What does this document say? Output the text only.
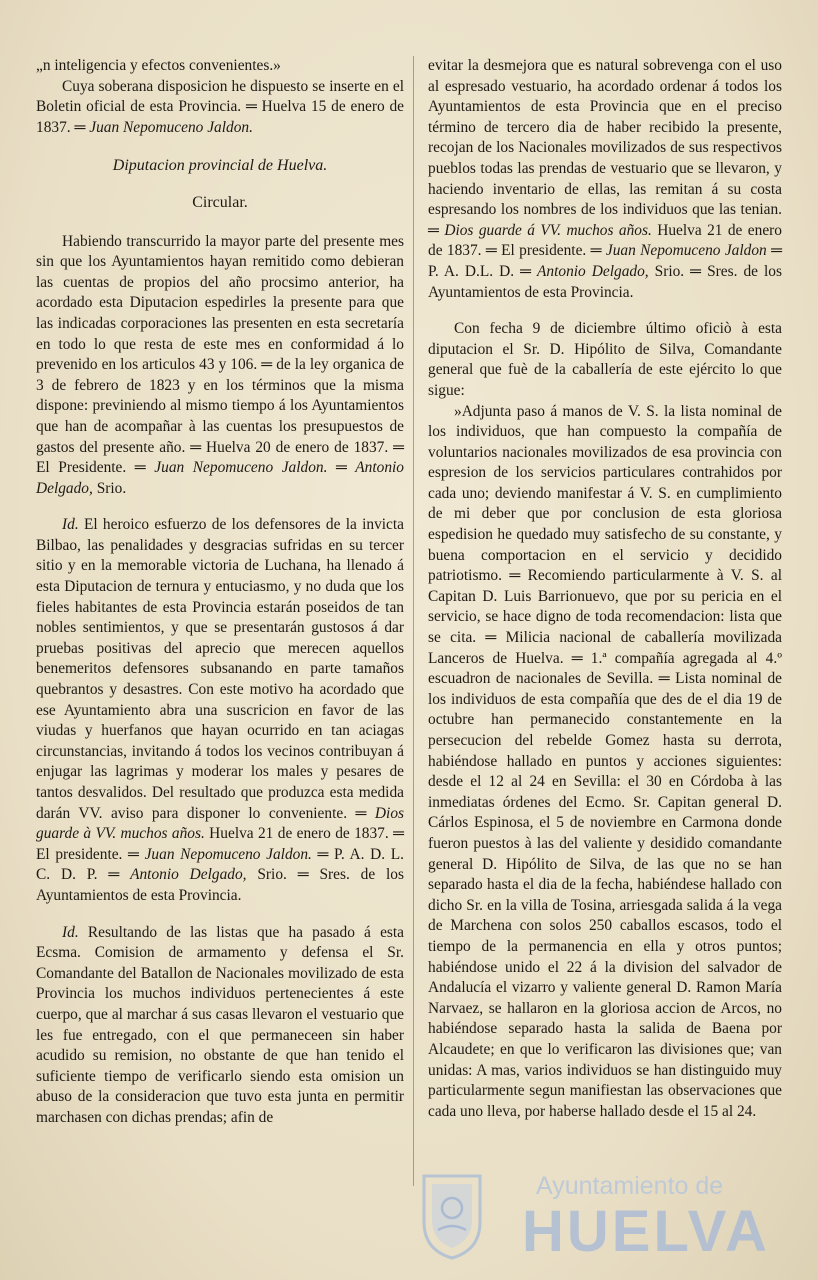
„n inteligencia y efectos convenientes.»

Cuya soberana disposicion he dispuesto se inserte en el Boletin oficial de esta Provincia. ═ Huelva 15 de enero de 1837. ═ Juan Nepomuceno Jaldon.

Diputacion provincial de Huelva.
Circular.

Habiendo transcurrido la mayor parte del presente mes sin que los Ayuntamientos hayan remitido como debieran las cuentas de propios del año procsimo anterior, ha acordado esta Diputacion espedirles la presente para que las indicadas corporaciones las presenten en esta secretaría en todo lo que resta de este mes en conformidad á lo prevenido en los articulos 43 y 106. ═ de la ley organica de 3 de febrero de 1823 y en los términos que la misma dispone: previniendo al mismo tiempo á los Ayuntamientos que han de acompañar à las cuentas los presupuestos de gastos del presente año. ═ Huelva 20 de enero de 1837. ═ El Presidente. ═ Juan Nepomuceno Jaldon. ═ Antonio Delgado, Srio.

Id. El heroico esfuerzo de los defensores de la invicta Bilbao, las penalidades y desgracias sufridas en su tercer sitio y en la memorable victoria de Luchana, ha llenado á esta Diputacion de ternura y entuciasmo, y no duda que los fieles habitantes de esta Provincia estarán poseidos de tan nobles sentimientos, y que se presentarán gustosos á dar pruebas positivas del aprecio que merecen aquellos benemeritos defensores subsanando en parte tamaños quebrantos y desastres. Con este motivo ha acordado que ese Ayuntamiento abra una suscricion en favor de las viudas y huerfanos que hayan ocurrido en tan aciagas circunstancias, invitando á todos los vecinos contribuyan á enjugar las lagrimas y moderar los males y pesares de tantos desvalidos. Del resultado que produzca esta medida darán VV. aviso para disponer lo conveniente. ═ Dios guarde à VV. muchos años. Huelva 21 de enero de 1837. ═ El presidente. ═ Juan Nepomuceno Jaldon. ═ P. A. D. L. C. D. P. ═ Antonio Delgado, Srio. ═ Sres. de los Ayuntamientos de esta Provincia.

Id. Resultando de las listas que ha pasado á esta Ecsma. Comision de armamento y defensa el Sr. Comandante del Batallon de Nacionales movilizado de esta Provincia los muchos individuos pertenecientes á este cuerpo, que al marchar á sus casas llevaron el vestuario que les fue entregado, con el que permaneceen sin haber acudido su remision, no obstante de que han tenido el suficiente tiempo de verificarlo siendo esta omision un abuso de la consideracion que tuvo esta junta en permitir marchasen con dichas prendas; afin de

evitar la desmejora que es natural sobrevenga con el uso al espresado vestuario, ha acordado ordenar á todos los Ayuntamientos de esta Provincia que en el preciso término de tercero dia de haber recibido la presente, recojan de los Nacionales movilizados de sus respectivos pueblos todas las prendas de vestuario que se llevaron, y haciendo inventario de ellas, las remitan á su costa espresando los nombres de los individuos que las tenian. ═ Dios guarde á VV. muchos años. Huelva 21 de enero de 1837. ═ El presidente. ═ Juan Nepomuceno Jaldon ═ P. A. D.L. D. ═ Antonio Delgado, Srio. ═ Sres. de los Ayuntamientos de esta Provincia.

Con fecha 9 de diciembre último oficiò à esta diputacion el Sr. D. Hipólito de Silva, Comandante general que fuè de la caballería de este ejército lo que sigue:

»Adjunta paso á manos de V. S. la lista nominal de los individuos, que han compuesto la compañía de voluntarios nacionales movilizados de esa provincia con espresion de los servicios particulares contrahidos por cada uno; deviendo manifestar á V. S. en cumplimiento de mi deber que por conclusion de esta gloriosa espedision he quedado muy satisfecho de su constante, y buena comportacion en el servicio y decidido patriotismo. ═ Recomiendo particularmente à V. S. al Capitan D. Luis Barrionuevo, que por su pericia en el servicio, se hace digno de toda recomendacion: lista que se cita. ═ Milicia nacional de caballería movilizada Lanceros de Huelva. ═ 1.ª compañía agregada al 4.º escuadron de nacionales de Sevilla. ═ Lista nominal de los individuos de esta compañía que des de el dia 19 de octubre han permanecido constantemente en la persecucion del rebelde Gomez hasta su derrota, habiéndose hallado en puntos y acciones siguientes: desde el 12 al 24 en Sevilla: el 30 en Córdoba à las inmediatas órdenes del Ecmo. Sr. Capitan general D. Cárlos Espinosa, el 5 de noviembre en Carmona donde fueron puestos à las del valiente y desidido comandante general D. Hipólito de Silva, de las que no se han separado hasta el dia de la fecha, habiéndese hallado con dicho Sr. en la villa de Tosina, arriesgada salida á la vega de Marchena con solos 250 caballos escasos, todo el tiempo de la permanencia en ella y otros puntos; habiéndose unido el 22 á la division del salvador de Andalucía el vizarro y valiente general D. Ramon María Narvaez, se hallaron en la gloriosa accion de Arcos, no habiéndose separado hasta la salida de Baena por Alcaudete; en que lo verificaron las divisiones que; van unidas: A mas, varios individuos se han distinguido muy particularmente segun manifiestan las observaciones que cada uno lleva, por haberse hallado desde el 15 al 24.

Ayuntamiento de
HUELVA
